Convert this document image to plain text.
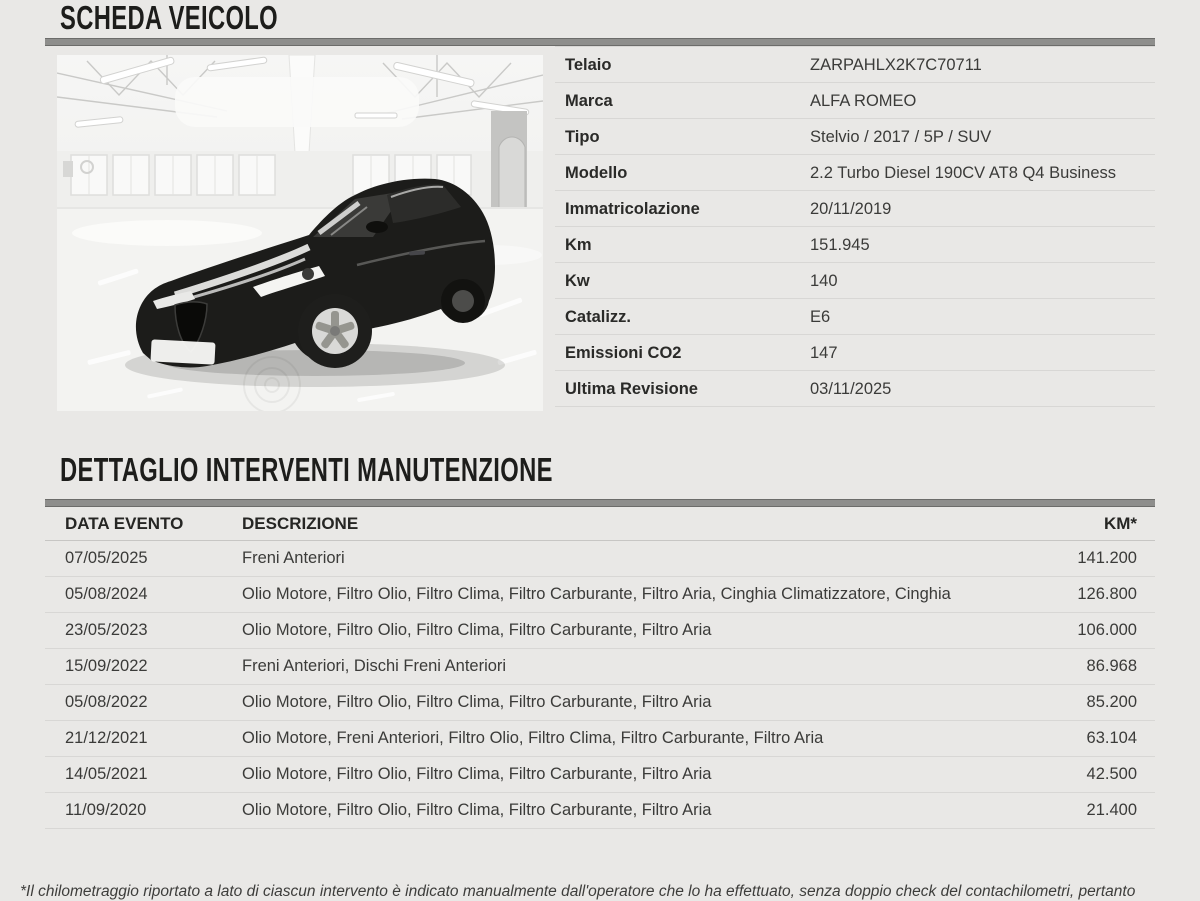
SCHEDA VEICOLO
Telaio	ZARPAHLX2K7C70711
Marca	ALFA ROMEO
Tipo	Stelvio / 2017 / 5P / SUV
Modello	2.2 Turbo Diesel 190CV AT8 Q4 Business
Immatricolazione	20/11/2019
Km	151.945
Kw	140
Catalizz.	E6
Emissioni CO2	147
Ultima Revisione	03/11/2025
DETTAGLIO INTERVENTI MANUTENZIONE
DATA EVENTO	DESCRIZIONE	KM*
07/05/2025	Freni Anteriori	141.200
05/08/2024	Olio Motore, Filtro Olio, Filtro Clima, Filtro Carburante, Filtro Aria, Cinghia Climatizzatore, Cinghia	126.800
23/05/2023	Olio Motore, Filtro Olio, Filtro Clima, Filtro Carburante, Filtro Aria	106.000
15/09/2022	Freni Anteriori, Dischi Freni Anteriori	86.968
05/08/2022	Olio Motore, Filtro Olio, Filtro Clima, Filtro Carburante, Filtro Aria	85.200
21/12/2021	Olio Motore, Freni Anteriori, Filtro Olio, Filtro Clima, Filtro Carburante, Filtro Aria	63.104
14/05/2021	Olio Motore, Filtro Olio, Filtro Clima, Filtro Carburante, Filtro Aria	42.500
11/09/2020	Olio Motore, Filtro Olio, Filtro Clima, Filtro Carburante, Filtro Aria	21.400
*Il chilometraggio riportato a lato di ciascun intervento è indicato manualmente dall'operatore che lo ha effettuato, senza doppio check del contachilometri, pertanto
